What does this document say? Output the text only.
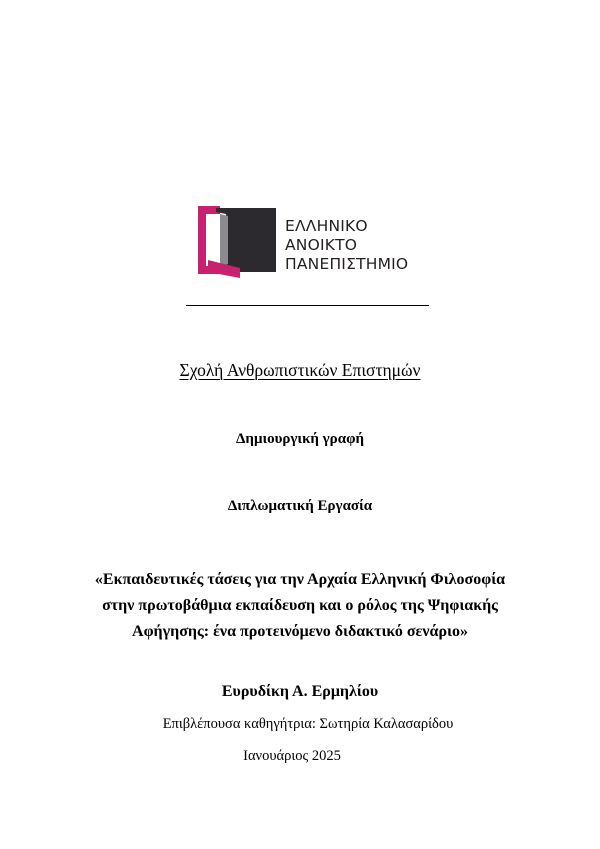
ΕΛΛΗΝΙΚΟ
ΑΝΟΙΚΤΟ
ΠΑΝΕΠΙΣΤΗΜΙΟ
Σχολή Ανθρωπιστικών Επιστημών
Δημιουργική γραφή
Διπλωματική Εργασία
«Εκπαιδευτικές τάσεις για την Αρχαία Ελληνική Φιλοσοφία
στην πρωτοβάθμια εκπαίδευση και ο ρόλος της Ψηφιακής
Αφήγησης: ένα προτεινόμενο διδακτικό σενάριο»
Ευρυδίκη Α. Ερμηλίου
Επιβλέπουσα καθηγήτρια: Σωτηρία Καλασαρίδου
Ιανουάριος 2025
